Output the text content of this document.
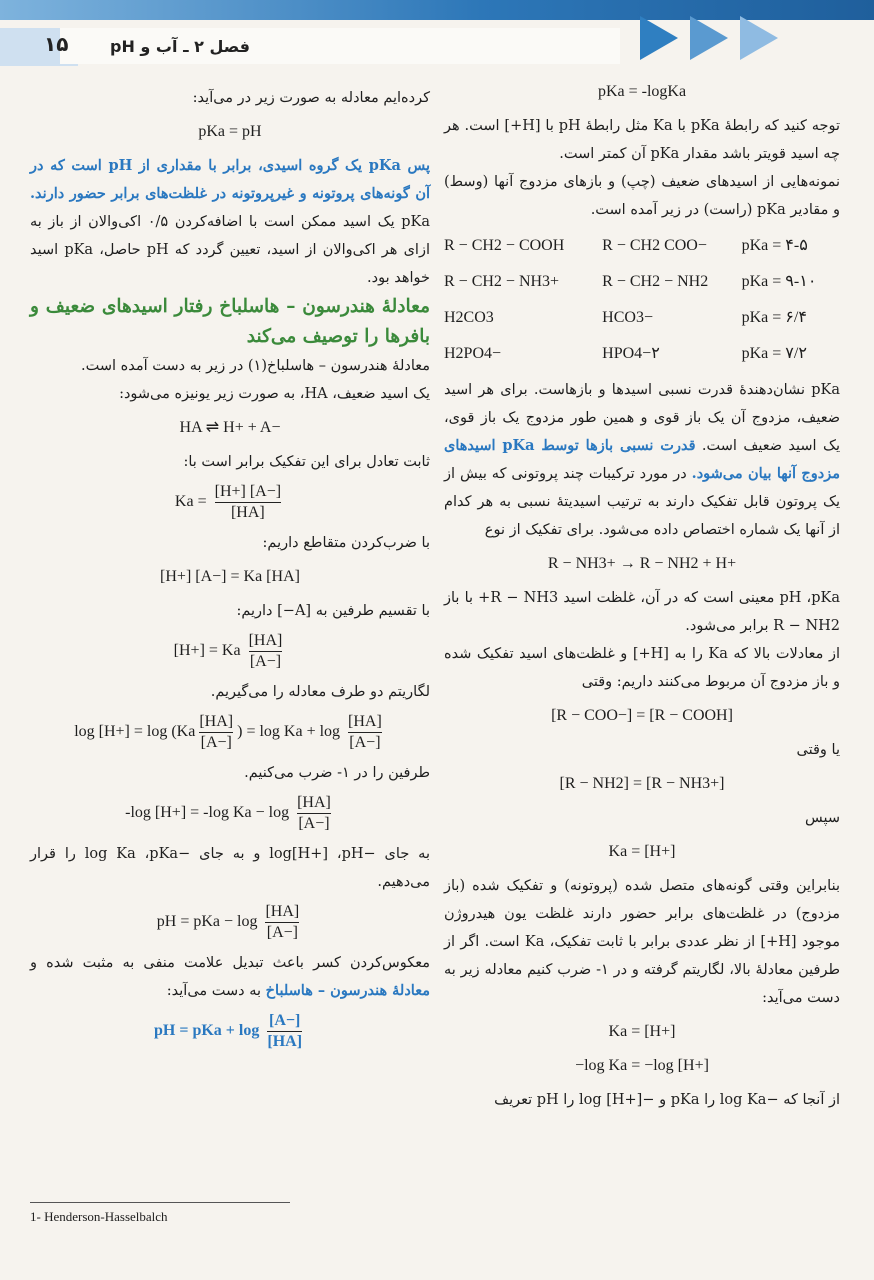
۱۵	فصل ۲ ـ آب و pH
pKa = -logKa

توجه کنید که رابطهٔ pKa با Ka مثل رابطهٔ pH با [H+] است. هر چه اسید قویتر باشد مقدار pKa آن کمتر است.

نمونه‌هایی از اسیدهای ضعیف (چپ) و بازهای مزدوج آنها (وسط) و مقادیر pKa (راست) در زیر آمده است.

R − CH2 − COOH	R − CH2 COO−	pKa = ۴-۵
R − CH2 − NH3+	R − CH2 − NH2	pKa = ۹-۱۰
H2CO3	HCO3−	pKa = ۶/۴
H2PO4−	HPO4−۲	pKa = ۷/۲

pKa نشان‌دهندهٔ قدرت نسبی اسیدها و بازهاست. برای هر اسید ضعیف، مزدوج آن یک باز قوی و همین طور مزدوج یک باز قوی، یک اسید ضعیف است. قدرت نسبی بازها توسط pKa اسیدهای مزدوج آنها بیان می‌شود. در مورد ترکیبات چند پروتونی که بیش از یک پروتون قابل تفکیک دارند به ترتیب اسیدیتهٔ نسبی به هر کدام از آنها یک شماره اختصاص داده می‌شود. برای تفکیک از نوع

R − NH3+ → R − NH2 + H+

pH ،pKa معینی است که در آن، غلظت اسید R − NH3+ با باز R − NH2 برابر می‌شود.

از معادلات بالا که Ka را به [H+] و غلظت‌های اسید تفکیک شده و باز مزدوج آن مربوط می‌کنند داریم: وقتی

[R − COO−] = [R − COOH]

یا وقتی

[R − NH2] = [R − NH3+]

سپس

Ka = [H+]

بنابراین وقتی گونه‌های متصل شده (پروتونه) و تفکیک شده (باز مزدوج) در غلظت‌های برابر حضور دارند غلظت یون هیدروژن موجود [H+] از نظر عددی برابر با ثابت تفکیک، Ka است. اگر از طرفین معادلهٔ بالا، لگاریتم گرفته و در ۱- ضرب کنیم معادله زیر به دست می‌آید:

Ka = [H+]
−log Ka = −log [H+]

از آنجا که −log Ka را pKa و −log [H+] را pH تعریف

کرده‌ایم معادله به صورت زیر در می‌آید:

pKa = pH

پس pKa یک گروه اسیدی، برابر با مقداری از pH است که در آن گونه‌های پروتونه و غیرپروتونه در غلظت‌های برابر حضور دارند. pKa یک اسید ممکن است با اضافه‌کردن ۰/۵ اکی‌والان از باز به ازای هر اکی‌والان از اسید، تعیین گردد که pH حاصل، pKa اسید خواهد بود.

معادلهٔ هندرسون – هاسلباخ رفتار اسیدهای ضعیف و بافرها را توصیف می‌کند

معادلهٔ هندرسون – هاسلباخ(۱) در زیر به دست آمده است.

یک اسید ضعیف، HA، به صورت زیر یونیزه می‌شود:

HA ⇌ H+ + A−

ثابت تعادل برای این تفکیک برابر است با:

$Ka = \frac{[H+] [A-]}{[HA]}$

با ضرب‌کردن متقاطع داریم:

[H+] [A−] = Ka [HA]

با تقسیم طرفین به [A−] داریم:

[H+] = Ka $\frac{[HA]}{[A-]}$

لگاریتم دو طرف معادله را می‌گیریم.

$\log [H+] = \log (Ka \frac{[HA]}{[A-]}$ ) = $\log Ka + \log \frac{[HA]}{[A-]}$

طرفین را در ۱- ضرب می‌کنیم.

-log [H+] = -log $Ka - \log \frac{[HA]}{[A-]}$

به جای −log[H+] ،pH و به جای −log Ka ،pKa را قرار می‌دهیم.

pH = pKa − $\log \frac{[HA]}{[A-]}$

معکوس‌کردن کسر باعث تبدیل علامت منفی به مثبت شده و معادلهٔ هندرسون – هاسلباخ به دست می‌آید:

pH = pKa + $\log \frac{[A-]}{[HA]}$
1- Henderson-Hasselbalch
